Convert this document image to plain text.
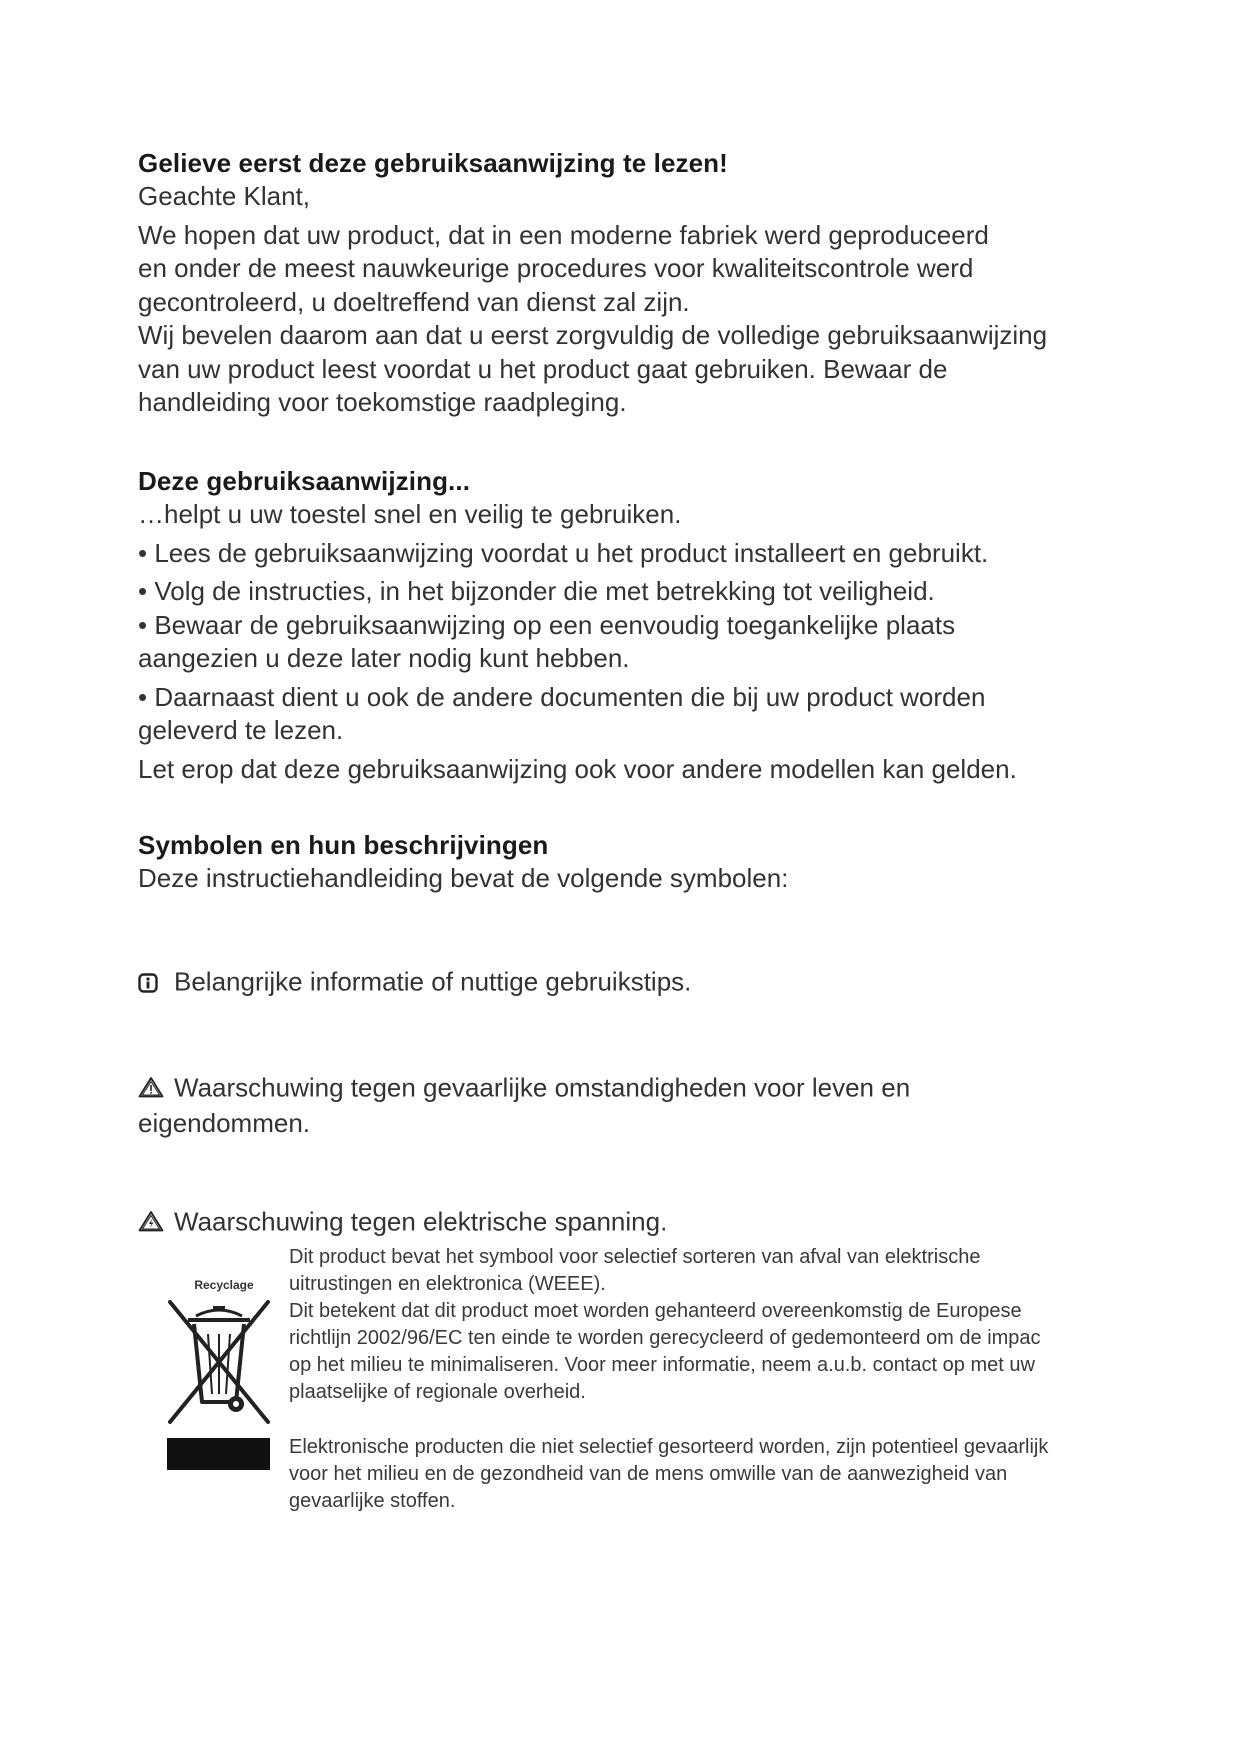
Gelieve eerst deze gebruiksaanwijzing te lezen!

Geachte Klant,

We hopen dat uw product, dat in een moderne fabriek werd geproduceerd
en onder de meest nauwkeurige procedures voor kwaliteitscontrole werd
gecontroleerd, u doeltreffend van dienst zal zijn.

Wij bevelen daarom aan dat u eerst zorgvuldig de volledige gebruiksaanwijzing
van uw product leest voordat u het product gaat gebruiken. Bewaar de
handleiding voor toekomstige raadpleging.

Deze gebruiksaanwijzing...

…helpt u uw toestel snel en veilig te gebruiken.

• Lees de gebruiksaanwijzing voordat u het product installeert en gebruikt.

• Volg de instructies, in het bijzonder die met betrekking tot veiligheid.

• Bewaar de gebruiksaanwijzing op een eenvoudig toegankelijke plaats
aangezien u deze later nodig kunt hebben.

• Daarnaast dient u ook de andere documenten die bij uw product worden
geleverd te lezen.

Let erop dat deze gebruiksaanwijzing ook voor andere modellen kan gelden.

Symbolen en hun beschrijvingen

Deze instructiehandleiding bevat de volgende symbolen:

Belangrijke informatie of nuttige gebruikstips.

Waarschuwing tegen gevaarlijke omstandigheden voor leven en
eigendommen.

Waarschuwing tegen elektrische spanning.

Recyclage
Dit product bevat het symbool voor selectief sorteren van afval van elektrische
uitrustingen en elektronica (WEEE).
Dit betekent dat dit product moet worden gehanteerd overeenkomstig de Europese
richtlijn 2002/96/EC ten einde te worden gerecycleerd of gedemonteerd om de impac
op het milieu te minimaliseren. Voor meer informatie, neem a.u.b. contact op met uw
plaatselijke of regionale overheid.
Elektronische producten die niet selectief gesorteerd worden, zijn potentieel gevaarlijk
voor het milieu en de gezondheid van de mens omwille van de aanwezigheid van
gevaarlijke stoffen.
